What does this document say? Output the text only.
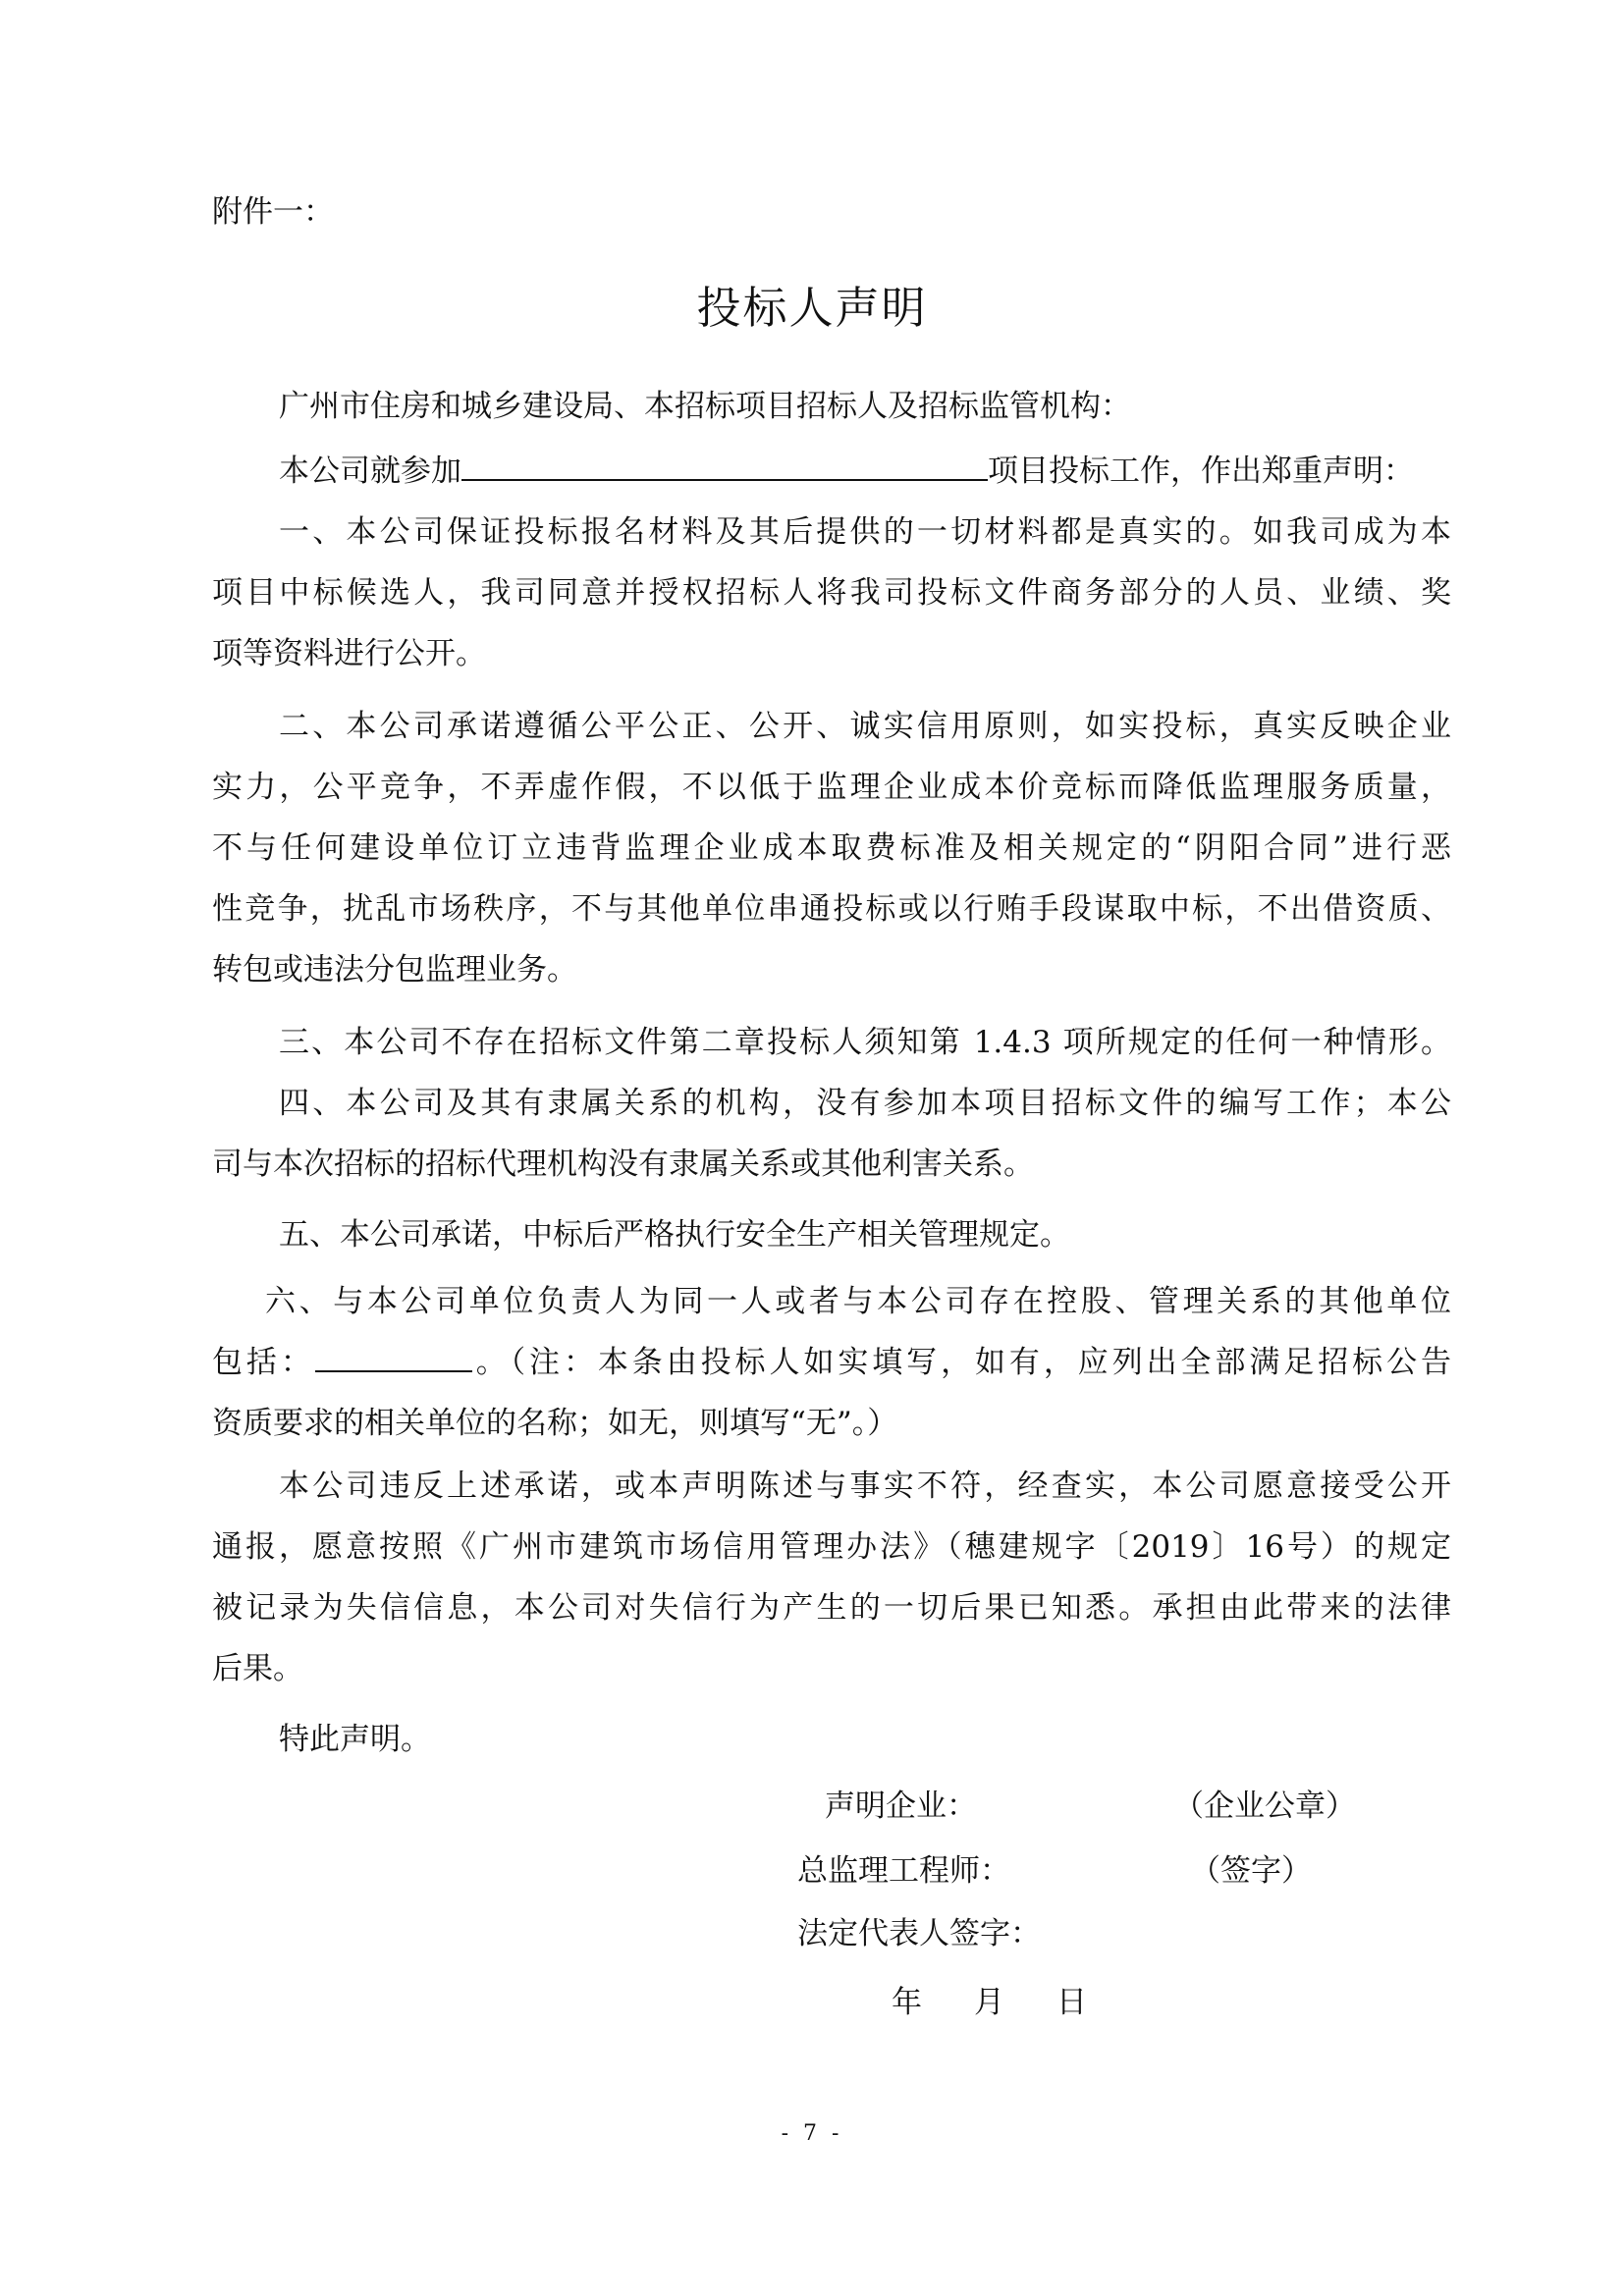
附件一：
投标人声明
广州市住房和城乡建设局、本招标项目招标人及招标监管机构：
本公司就参加	项目投标工作，作出郑重声明：
一、本公司保证投标报名材料及其后提供的一切材料都是真实的。如我司成为本
项目中标候选人，我司同意并授权招标人将我司投标文件商务部分的人员、业绩、奖
项等资料进行公开。
二、本公司承诺遵循公平公正、公开、诚实信用原则，如实投标，真实反映企业
实力，公平竞争，不弄虚作假，不以低于监理企业成本价竞标而降低监理服务质量，
不与任何建设单位订立违背监理企业成本取费标准及相关规定的“阴阳合同”进行恶
性竞争，扰乱市场秩序，不与其他单位串通投标或以行贿手段谋取中标，不出借资质、
转包或违法分包监理业务。
三、本公司不存在招标文件第二章投标人须知第 1.4.3 项所规定的任何一种情形。
四、本公司及其有隶属关系的机构，没有参加本项目招标文件的编写工作；本公
司与本次招标的招标代理机构没有隶属关系或其他利害关系。
五、本公司承诺，中标后严格执行安全生产相关管理规定。
六、与本公司单位负责人为同一人或者与本公司存在控股、管理关系的其他单位
包括：	。（注：本条由投标人如实填写，如有，应列出全部满足招标公告
资质要求的相关单位的名称；如无，则填写“无”。）
本公司违反上述承诺，或本声明陈述与事实不符，经查实，本公司愿意接受公开
通报，愿意按照《广州市建筑市场信用管理办法》（穗建规字〔2019〕16号）的规定
被记录为失信信息，本公司对失信行为产生的一切后果已知悉。承担由此带来的法律
后果。
特此声明。
声明企业：	（企业公章）
总监理工程师：	（签字）
法定代表人签字：
年 月 日
- 7 -
